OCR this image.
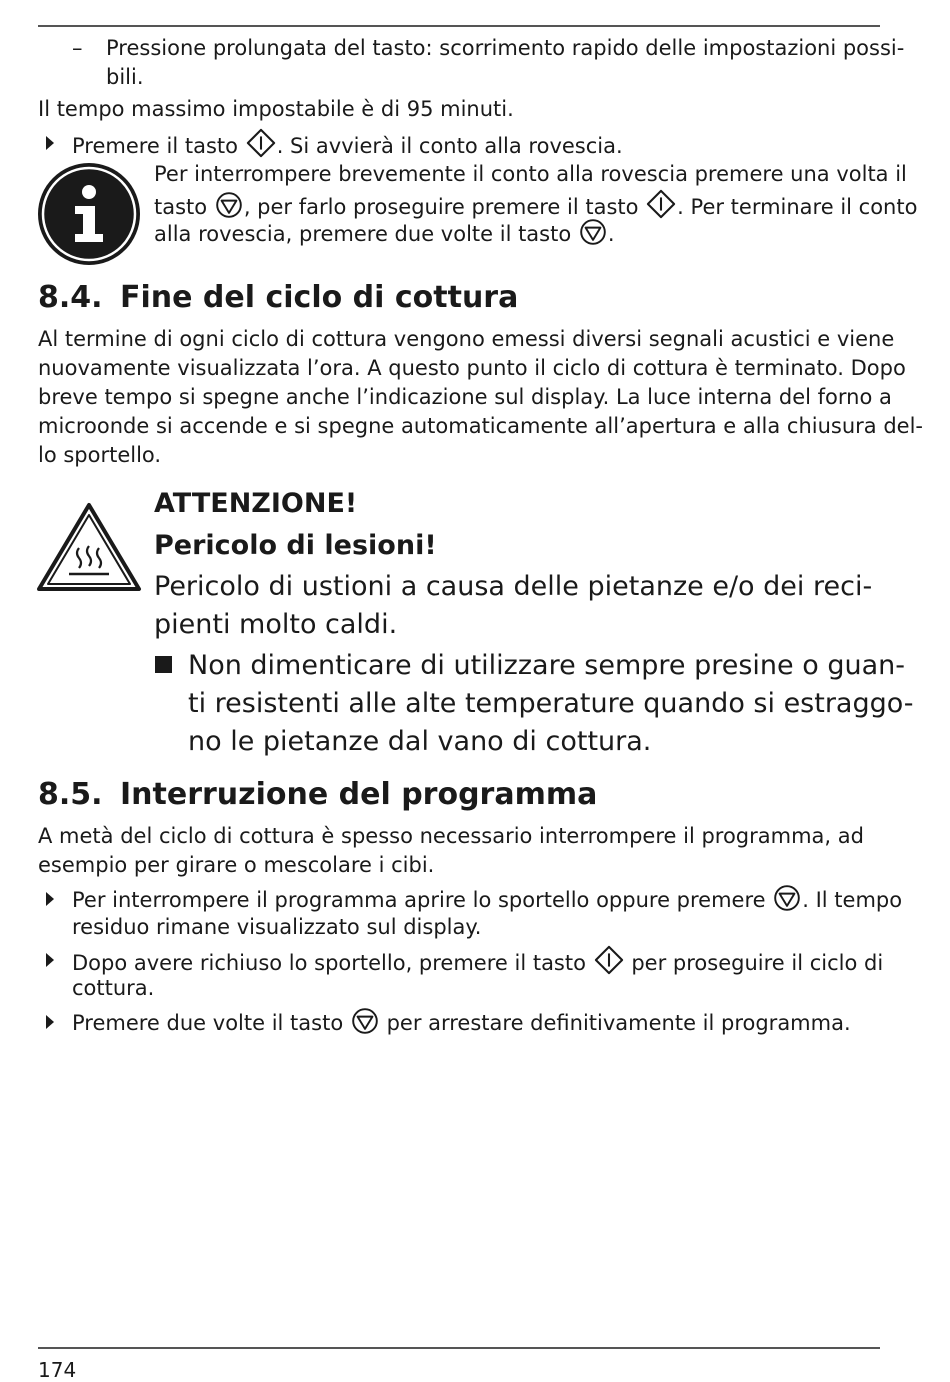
– Pressione prolungata del tasto: scorrimento rapido delle impostazioni possi-

bili.

Il tempo massimo impostabile è di 95 minuti.

Premere il tasto . Si avvierà il conto alla rovescia.

Per interrompere brevemente il conto alla rovescia premere una volta il

tasto , per farlo proseguire premere il tasto . Per terminare il conto
alla rovescia, premere due volte il tasto .
8.4. Fine del ciclo di cottura

Al termine di ogni ciclo di cottura vengono emessi diversi segnali acustici e viene

nuovamente visualizzata l’ora. A questo punto il ciclo di cottura è terminato. Dopo

breve tempo si spegne anche l’indicazione sul display. La luce interna del forno a

microonde si accende e si spegne automaticamente all’apertura e alla chiusura del-

lo sportello.

ATTENZIONE!
Pericolo di lesioni!

Pericolo di ustioni a causa delle pietanze e/o dei reci-

pienti molto caldi.

Non dimenticare di utilizzare sempre presine o guan-

ti resistenti alle alte temperature quando si estraggo-

no le pietanze dal vano di cottura.

8.5. Interruzione del programma

A metà del ciclo di cottura è spesso necessario interrompere il programma, ad

esempio per girare o mescolare i cibi.

Per interrompere il programma aprire lo sportello oppure premere . Il tempo

residuo rimane visualizzato sul display.

Dopo avere richiuso lo sportello, premere il tasto per proseguire il ciclo di

cottura.

Premere due volte il tasto per arrestare definitivamente il programma.
174
